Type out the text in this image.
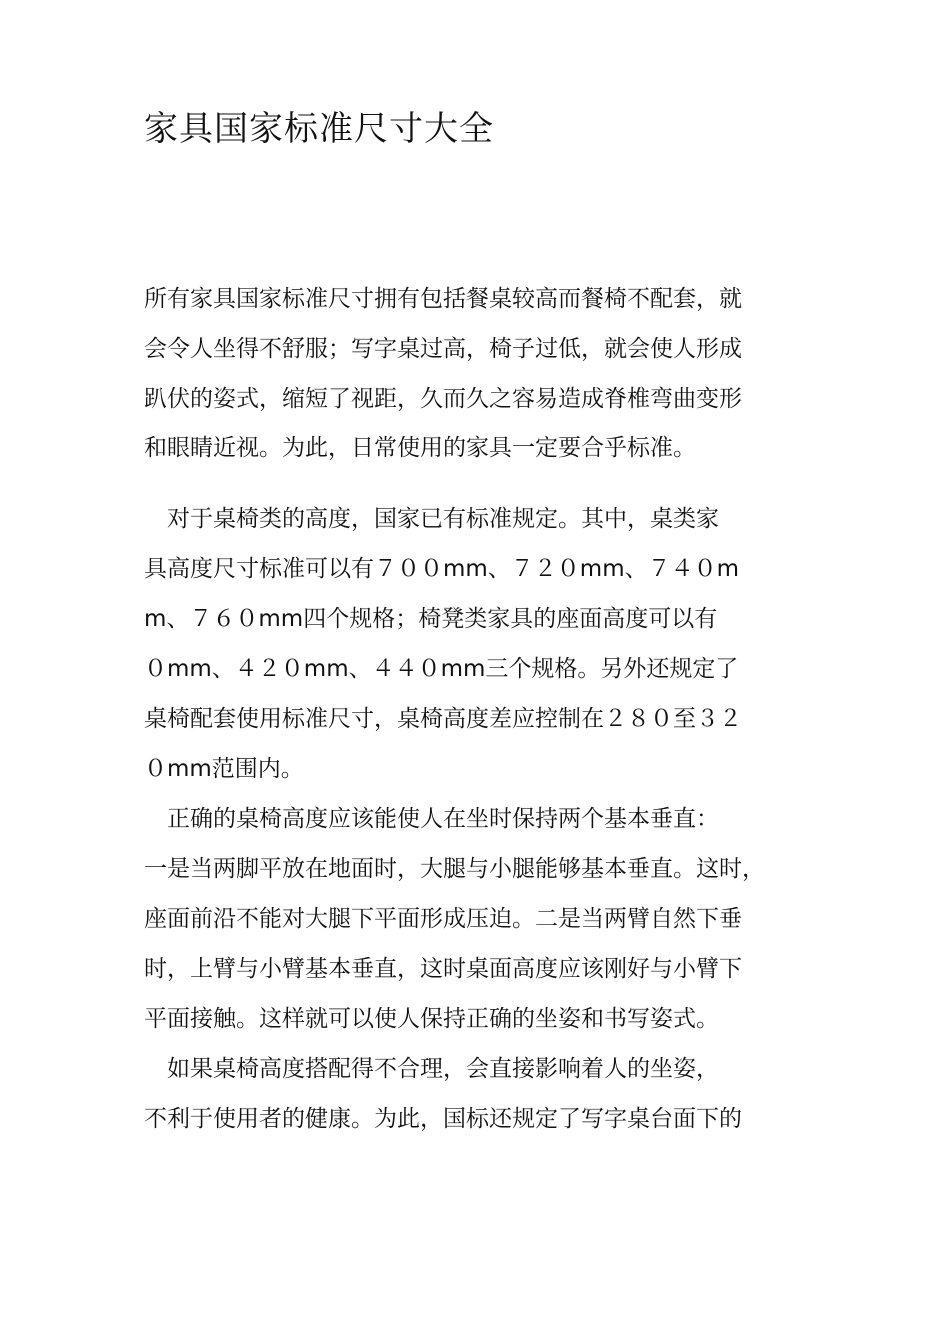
家具国家标准尺寸大全

所有家具国家标准尺寸拥有包括餐桌较高而餐椅不配套，就

会令人坐得不舒服；写字桌过高，椅子过低，就会使人形成

趴伏的姿式，缩短了视距，久而久之容易造成脊椎弯曲变形

和眼睛近视。为此，日常使用的家具一定要合乎标准。

　对于桌椅类的高度，国家已有标准规定。其中，桌类家

具高度尺寸标准可以有７００mm、７２０mm、７４０m

m、７６０mm四个规格；椅凳类家具的座面高度可以有

０mm、４２０mm、４４０mm三个规格。另外还规定了

桌椅配套使用标准尺寸，桌椅高度差应控制在２８０至３２

０mm范围内。

　正确的桌椅高度应该能使人在坐时保持两个基本垂直：

一是当两脚平放在地面时，大腿与小腿能够基本垂直。这时，

座面前沿不能对大腿下平面形成压迫。二是当两臂自然下垂

时，上臂与小臂基本垂直，这时桌面高度应该刚好与小臂下

平面接触。这样就可以使人保持正确的坐姿和书写姿式。

　如果桌椅高度搭配得不合理，会直接影响着人的坐姿，

不利于使用者的健康。为此，国标还规定了写字桌台面下的
